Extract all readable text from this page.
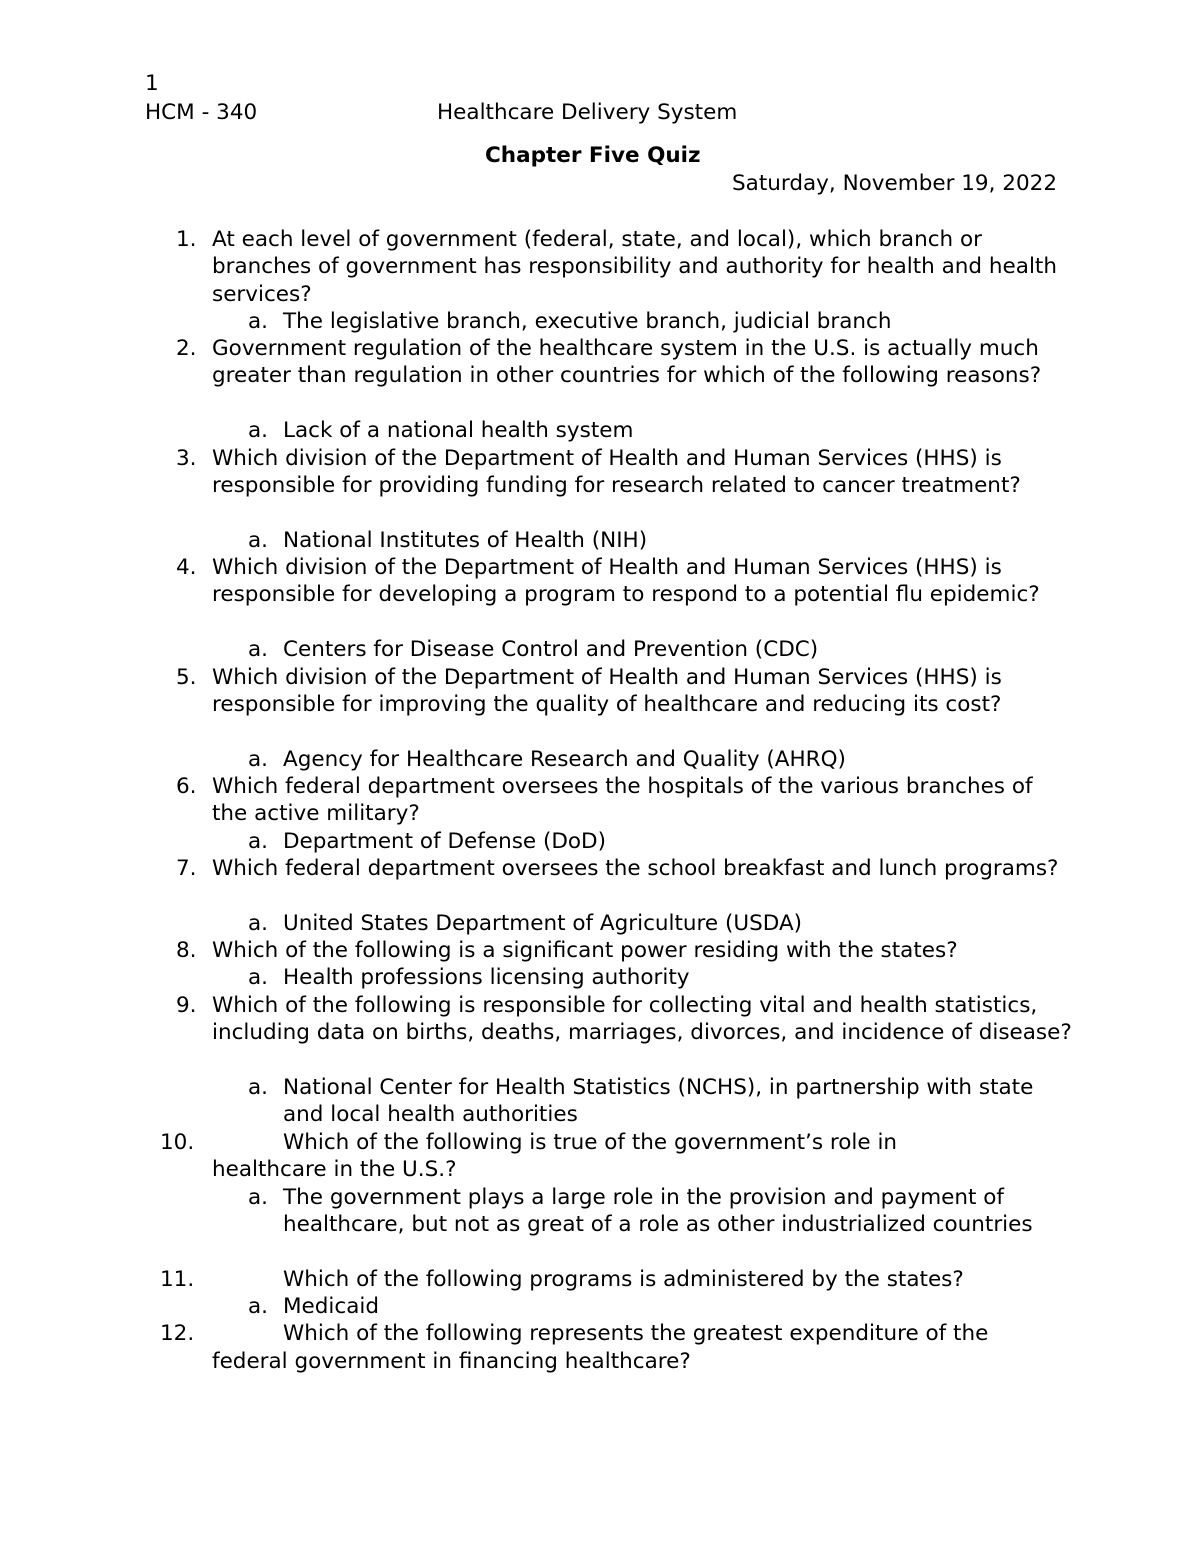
1
HCM - 340	Healthcare Delivery System
Chapter Five Quiz
Saturday, November 19, 2022
1. At each level of government (federal, state, and local), which branch or branches of government has responsibility and authority for health and health services?
a. The legislative branch, executive branch, judicial branch
2. Government regulation of the healthcare system in the U.S. is actually much greater than regulation in other countries for which of the following reasons?
a. Lack of a national health system
3. Which division of the Department of Health and Human Services (HHS) is responsible for providing funding for research related to cancer treatment?
a. National Institutes of Health (NIH)
4. Which division of the Department of Health and Human Services (HHS) is responsible for developing a program to respond to a potential flu epidemic?
a. Centers for Disease Control and Prevention (CDC)
5. Which division of the Department of Health and Human Services (HHS) is responsible for improving the quality of healthcare and reducing its cost?
a. Agency for Healthcare Research and Quality (AHRQ)
6. Which federal department oversees the hospitals of the various branches of the active military?
a. Department of Defense (DoD)
7. Which federal department oversees the school breakfast and lunch programs?
a. United States Department of Agriculture (USDA)
8. Which of the following is a significant power residing with the states?
a. Health professions licensing authority
9. Which of the following is responsible for collecting vital and health statistics, including data on births, deaths, marriages, divorces, and incidence of disease?
a. National Center for Health Statistics (NCHS), in partnership with state and local health authorities
10.	Which of the following is true of the government’s role in
healthcare in the U.S.?
a. The government plays a large role in the provision and payment of healthcare, but not as great of a role as other industrialized countries
11.	Which of the following programs is administered by the states?
a. Medicaid
12.	Which of the following represents the greatest expenditure of the
federal government in financing healthcare?
